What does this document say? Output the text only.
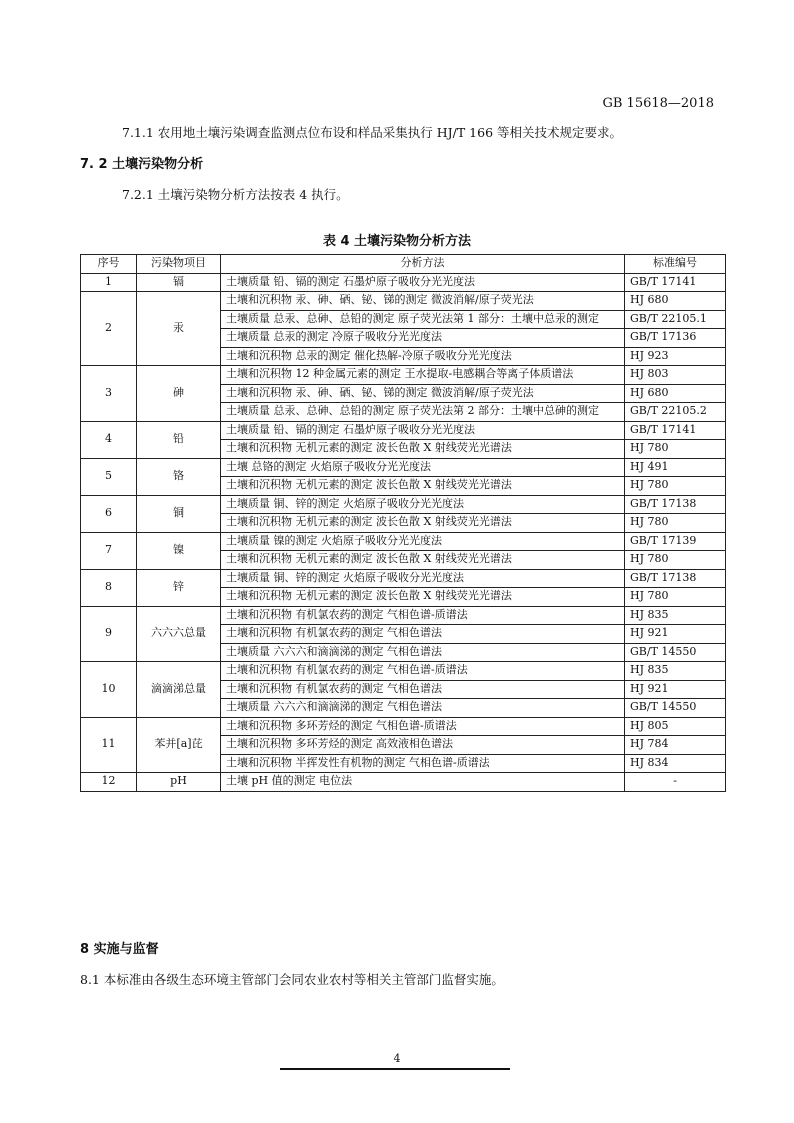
GB 15618—2018
7.1.1 农用地土壤污染调查监测点位布设和样品采集执行 HJ/T 166 等相关技术规定要求。
7. 2 土壤污染物分析
7.2.1 土壤污染物分析方法按表 4 执行。
表 4 土壤污染物分析方法
序号	污染物项目	分析方法	标准编号
1	镉	土壤质量 铅、镉的测定 石墨炉原子吸收分光光度法	GB/T 17141
2	汞	土壤和沉积物 汞、砷、硒、铋、锑的测定 微波消解/原子荧光法	HJ 680
		土壤质量 总汞、总砷、总铅的测定 原子荧光法第 1 部分：土壤中总汞的测定	GB/T 22105.1
		土壤质量 总汞的测定 冷原子吸收分光光度法	GB/T 17136
		土壤和沉积物 总汞的测定 催化热解-冷原子吸收分光光度法	HJ 923
3	砷	土壤和沉积物 12 种金属元素的测定 王水提取-电感耦合等离子体质谱法	HJ 803
		土壤和沉积物 汞、砷、硒、铋、锑的测定 微波消解/原子荧光法	HJ 680
		土壤质量 总汞、总砷、总铅的测定 原子荧光法第 2 部分：土壤中总砷的测定	GB/T 22105.2
4	铅	土壤质量 铅、镉的测定 石墨炉原子吸收分光光度法	GB/T 17141
		土壤和沉积物 无机元素的测定 波长色散 X 射线荧光光谱法	HJ 780
5	铬	土壤 总铬的测定 火焰原子吸收分光光度法	HJ 491
		土壤和沉积物 无机元素的测定 波长色散 X 射线荧光光谱法	HJ 780
6	铜	土壤质量 铜、锌的测定 火焰原子吸收分光光度法	GB/T 17138
		土壤和沉积物 无机元素的测定 波长色散 X 射线荧光光谱法	HJ 780
7	镍	土壤质量 镍的测定 火焰原子吸收分光光度法	GB/T 17139
		土壤和沉积物 无机元素的测定 波长色散 X 射线荧光光谱法	HJ 780
8	锌	土壤质量 铜、锌的测定 火焰原子吸收分光光度法	GB/T 17138
		土壤和沉积物 无机元素的测定 波长色散 X 射线荧光光谱法	HJ 780
9	六六六总量	土壤和沉积物 有机氯农药的测定 气相色谱-质谱法	HJ 835
		土壤和沉积物 有机氯农药的测定 气相色谱法	HJ 921
		土壤质量 六六六和滴滴涕的测定 气相色谱法	GB/T 14550
10	滴滴涕总量	土壤和沉积物 有机氯农药的测定 气相色谱-质谱法	HJ 835
		土壤和沉积物 有机氯农药的测定 气相色谱法	HJ 921
		土壤质量 六六六和滴滴涕的测定 气相色谱法	GB/T 14550
11	苯并[a]芘	土壤和沉积物 多环芳烃的测定 气相色谱-质谱法	HJ 805
		土壤和沉积物 多环芳烃的测定 高效液相色谱法	HJ 784
		土壤和沉积物 半挥发性有机物的测定 气相色谱-质谱法	HJ 834
12	pH	土壤 pH 值的测定 电位法	-
8 实施与监督
8.1 本标准由各级生态环境主管部门会同农业农村等相关主管部门监督实施。
4
